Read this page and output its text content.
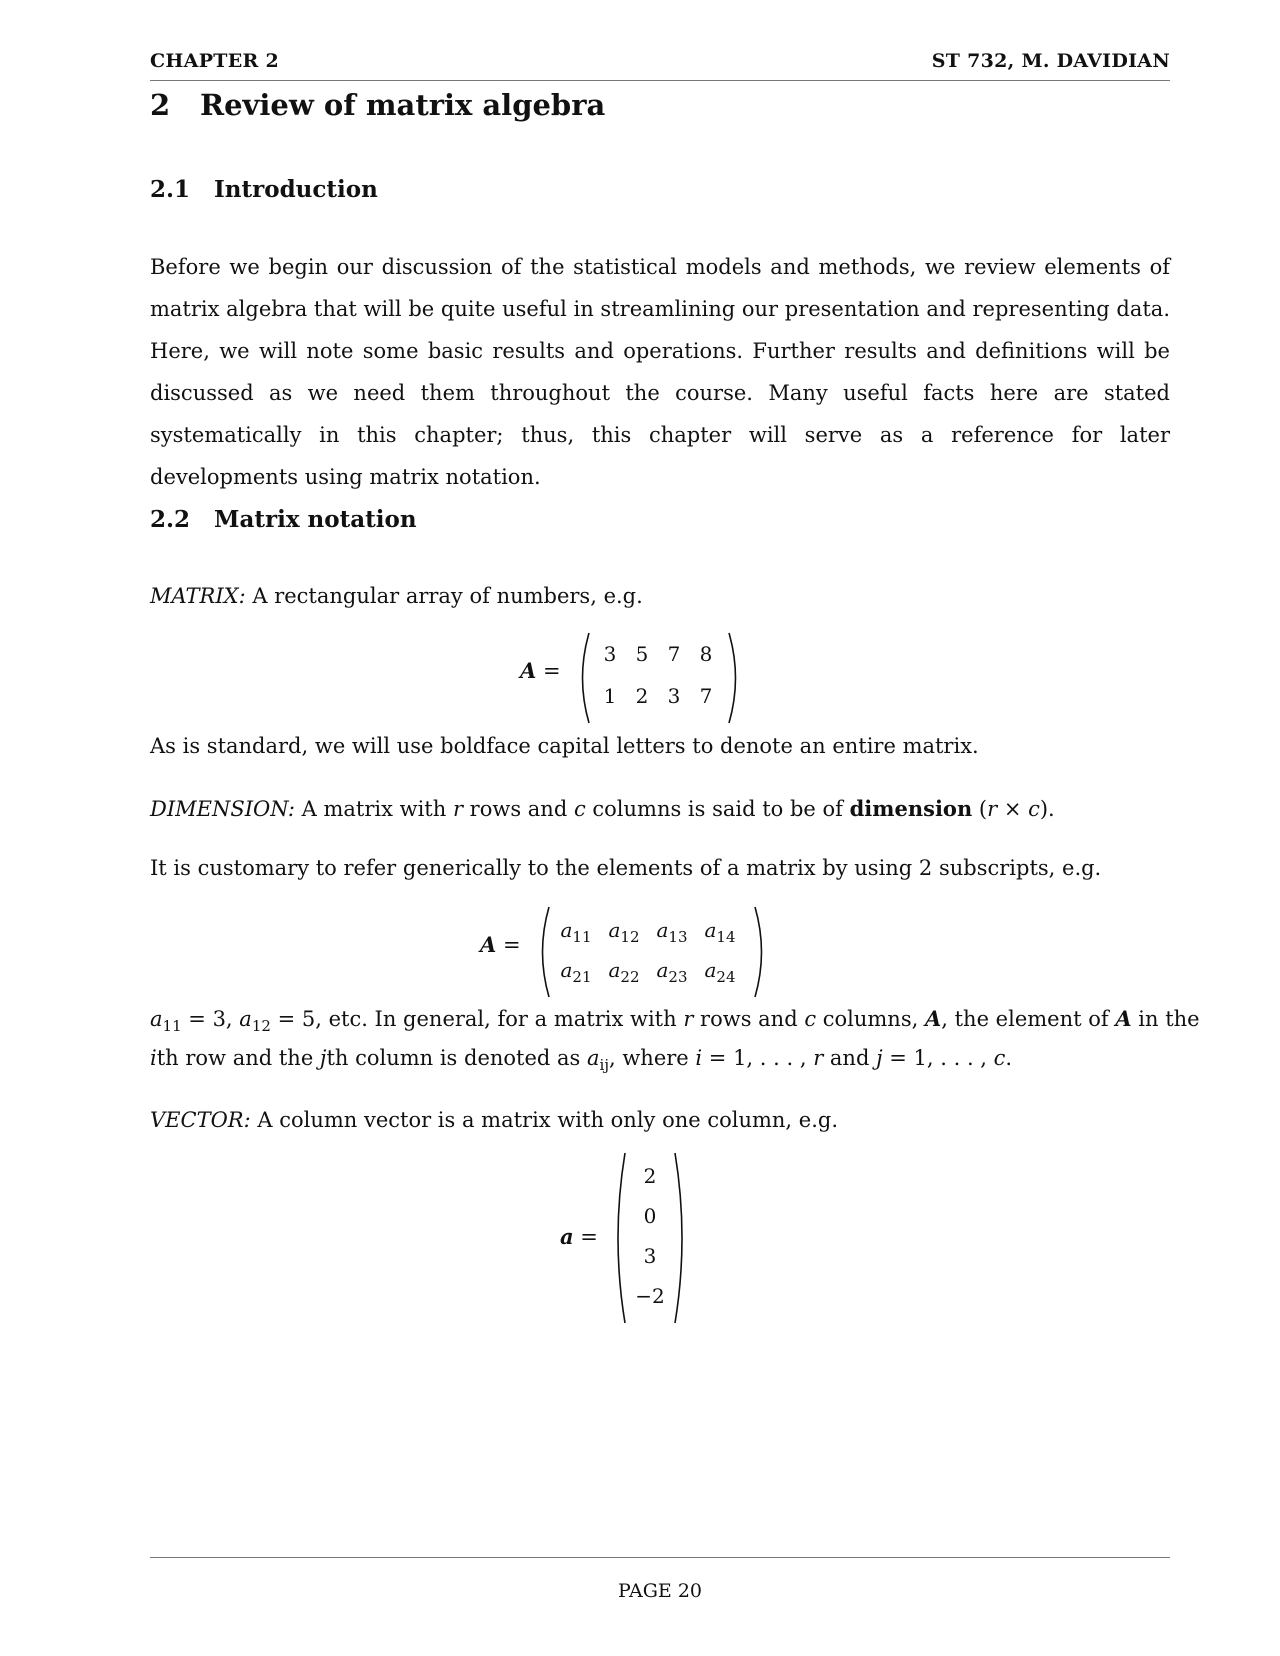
CHAPTER 2	ST 732, M. DAVIDIAN
2 Review of matrix algebra
2.1 Introduction
Before we begin our discussion of the statistical models and methods, we review elements of matrix algebra that will be quite useful in streamlining our presentation and representing data. Here, we will note some basic results and operations. Further results and definitions will be discussed as we need them throughout the course. Many useful facts here are stated systematically in this chapter; thus, this chapter will serve as a reference for later developments using matrix notation.
2.2 Matrix notation
MATRIX: A rectangular array of numbers, e.g.
A =
3 5 7 8
1 2 3 7
As is standard, we will use boldface capital letters to denote an entire matrix.
DIMENSION: A matrix with r rows and c columns is said to be of dimension (r × c).
It is customary to refer generically to the elements of a matrix by using 2 subscripts, e.g.
A =
$a_{11}$ $a_{12}$ $a_{13}$ $a_{14}$
$a_{21}$ $a_{22}$ $a_{23}$ $a_{24}$
$a_{11} = 3$, $a_{12} = 5$, etc. In general, for a matrix with r rows and c columns, A, the element of A in the
ith row and the jth column is denoted as $a_{ij}$, where i = 1, . . . , r and j = 1, . . . , c.
VECTOR: A column vector is a matrix with only one column, e.g.
a =
2
0
3
−2
PAGE 20
